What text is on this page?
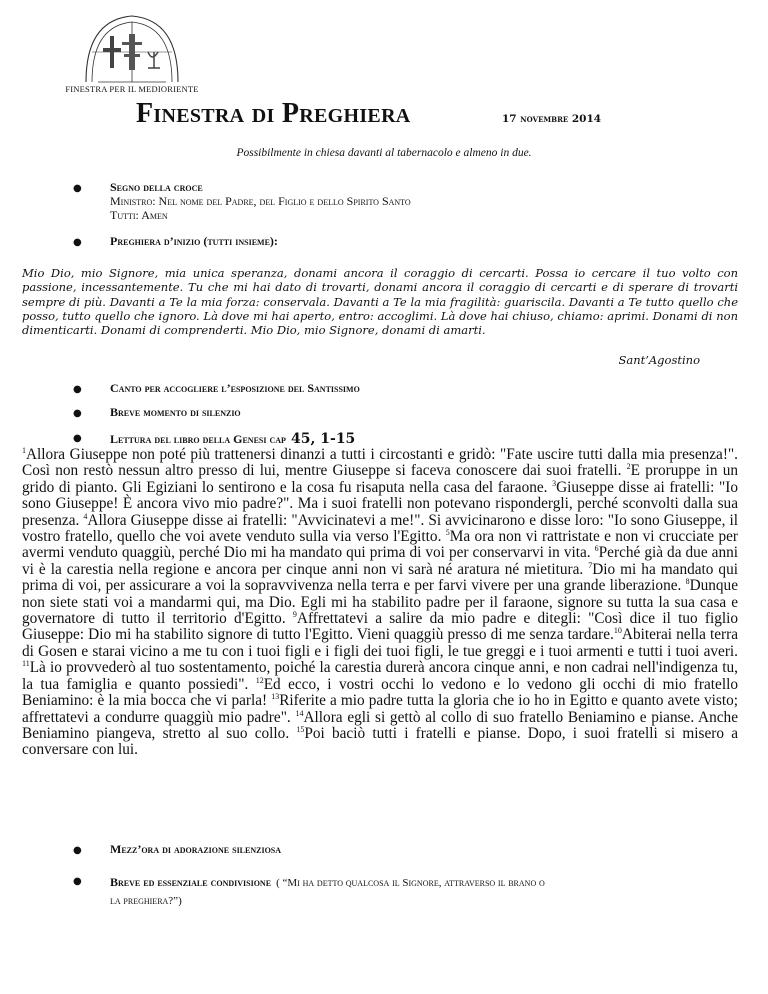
FINESTRA PER IL MEDIORIENTE
Finestra di Preghiera	17 novembre 2014
Possibilmente in chiesa davanti al tabernacolo e almeno in due.
● Segno della croce
Ministro: Nel nome del Padre, del Figlio e dello Spirito Santo
Tutti: Amen
● Preghiera d’inizio (tutti insieme):
Mio Dio, mio Signore, mia unica speranza, donami ancora il coraggio di cercarti. Possa io cercare il tuo volto con passione, incessantemente. Tu che mi hai dato di trovarti, donami ancora il coraggio di cercarti e di sperare di trovarti sempre di più. Davanti a Te la mia forza: conservala. Davanti a Te la mia fragilità: guariscila. Davanti a Te tutto quello che posso, tutto quello che ignoro. Là dove mi hai aperto, entro: accoglimi. Là dove hai chiuso, chiamo: aprimi. Donami di non dimenticarti. Donami di comprenderti. Mio Dio, mio Signore, donami di amarti.
Sant’Agostino
● Canto per accogliere l’esposizione del Santissimo
● Breve momento di silenzio
● Lettura del libro della Genesi cap 45, 1-15
$^1$Allora Giuseppe non poté più trattenersi dinanzi a tutti i circostanti e gridò: "Fate uscire tutti dalla mia presenza!". Così non restò nessun altro presso di lui, mentre Giuseppe si faceva conoscere dai suoi fratelli. $^2$E proruppe in un grido di pianto. Gli Egiziani lo sentirono e la cosa fu risaputa nella casa del faraone. $^3$Giuseppe disse ai fratelli: "Io sono Giuseppe! È ancora vivo mio padre?". Ma i suoi fratelli non potevano rispondergli, perché sconvolti dalla sua presenza. $^4$Allora Giuseppe disse ai fratelli: "Avvicinatevi a me!". Si avvicinarono e disse loro: "Io sono Giuseppe, il vostro fratello, quello che voi avete venduto sulla via verso l'Egitto. $^5$Ma ora non vi rattristate e non vi crucciate per avermi venduto quaggiù, perché Dio mi ha mandato qui prima di voi per conservarvi in vita. $^6$Perché già da due anni vi è la carestia nella regione e ancora per cinque anni non vi sarà né aratura né mietitura. $^7$Dio mi ha mandato qui prima di voi, per assicurare a voi la sopravvivenza nella terra e per farvi vivere per una grande liberazione. $^8$Dunque non siete stati voi a mandarmi qui, ma Dio. Egli mi ha stabilito padre per il faraone, signore su tutta la sua casa e governatore di tutto il territorio d'Egitto. $^9$Affrettatevi a salire da mio padre e ditegli: "Così dice il tuo figlio Giuseppe: Dio mi ha stabilito signore di tutto l'Egitto. Vieni quaggiù presso di me senza tardare.$^{10}$Abiterai nella terra di Gosen e starai vicino a me tu con i tuoi figli e i figli dei tuoi figli, le tue greggi e i tuoi armenti e tutti i tuoi averi. $^{11}$Là io provvederò al tuo sostentamento, poiché la carestia durerà ancora cinque anni, e non cadrai nell'indigenza tu, la tua famiglia e quanto possiedi". $^{12}$Ed ecco, i vostri occhi lo vedono e lo vedono gli occhi di mio fratello Beniamino: è la mia bocca che vi parla! $^{13}$Riferite a mio padre tutta la gloria che io ho in Egitto e quanto avete visto; affrettatevi a condurre quaggiù mio padre". $^{14}$Allora egli si gettò al collo di suo fratello Beniamino e pianse. Anche Beniamino piangeva, stretto al suo collo. $^{15}$Poi baciò tutti i fratelli e pianse. Dopo, i suoi fratelli si misero a conversare con lui.
● Mezz’ora di adorazione silenziosa
● Breve ed essenziale condivisione ( “Mi ha detto qualcosa il Signore, attraverso il brano o
la preghiera?”)
